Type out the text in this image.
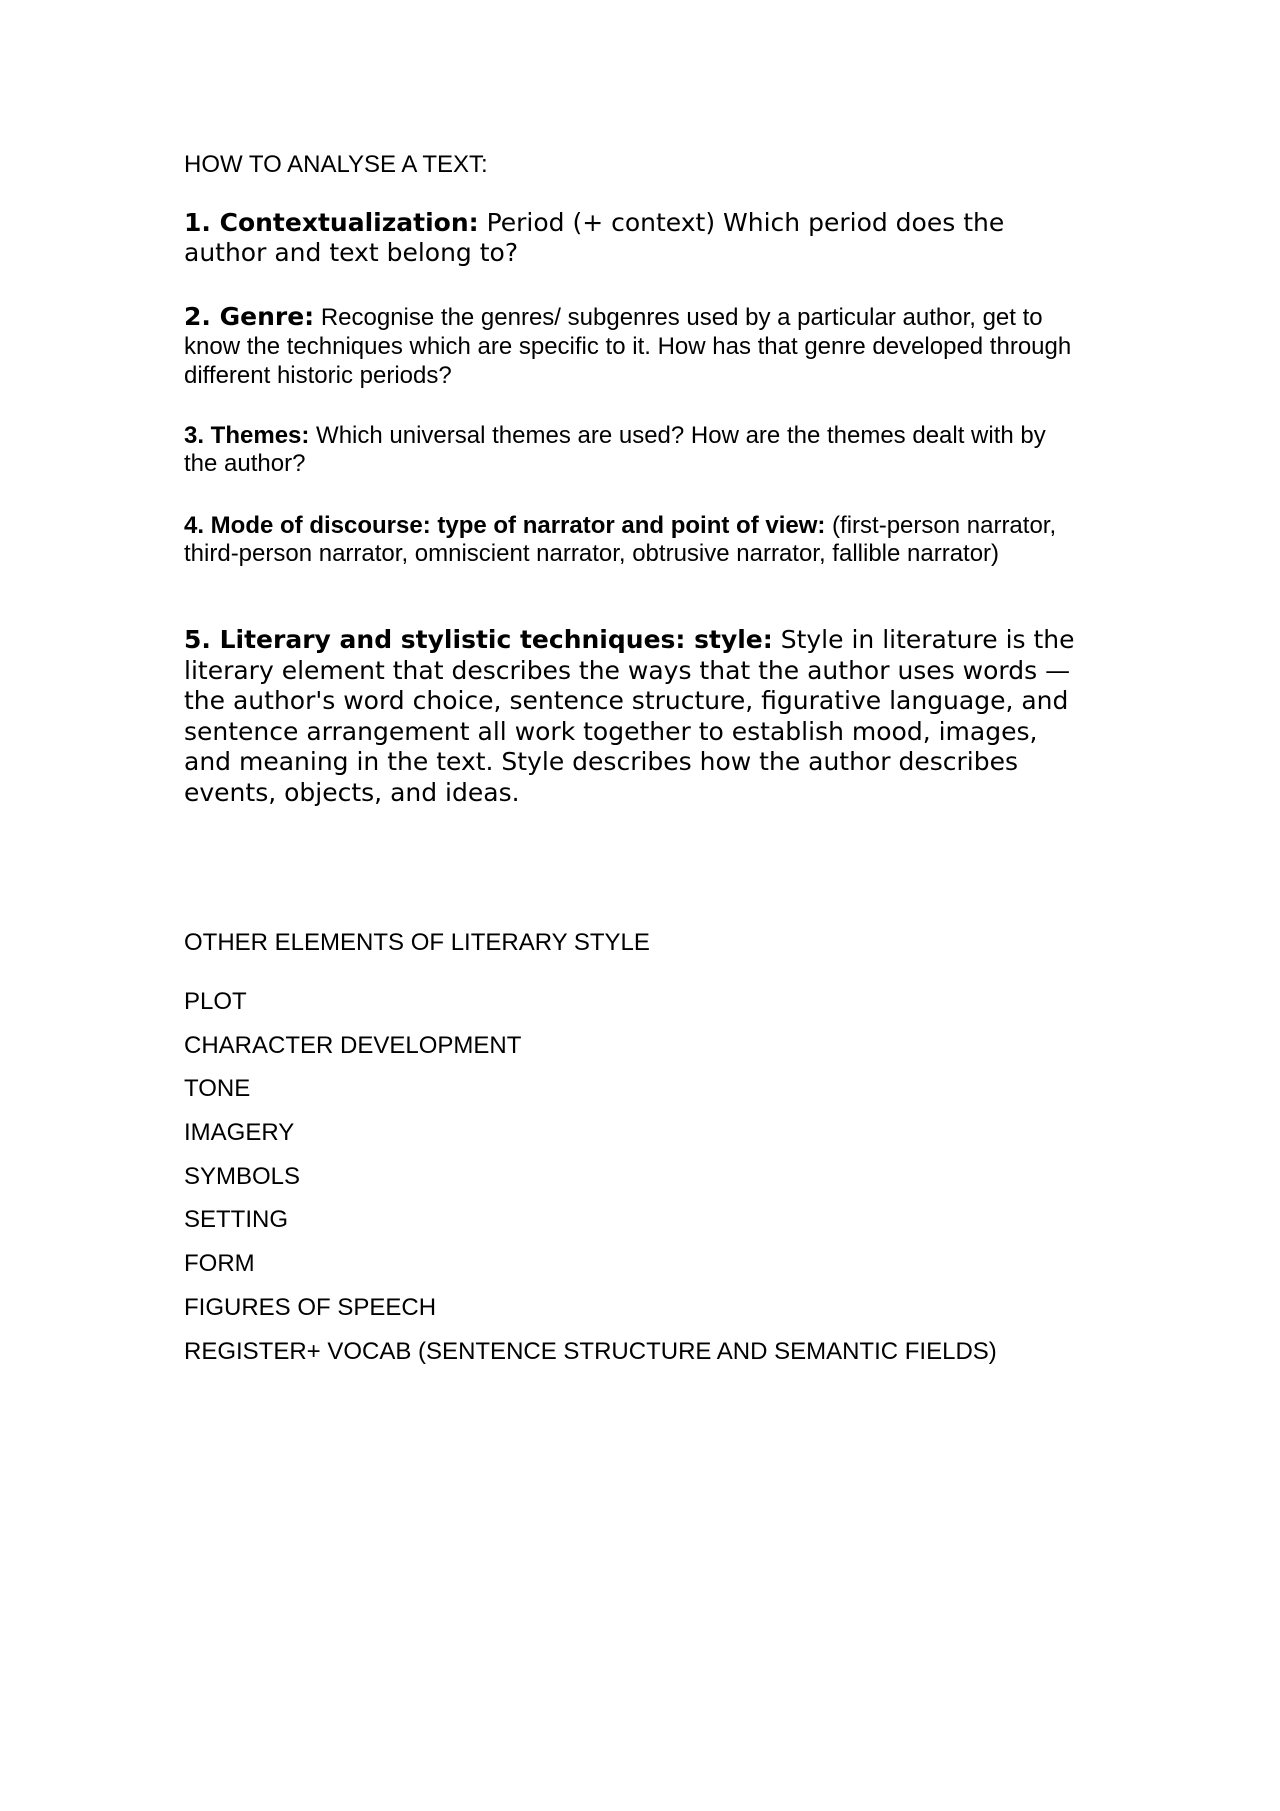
HOW TO ANALYSE A TEXT:

1. Contextualization: Period (+ context) Which period does the author and text belong to?

2. Genre: Recognise the genres/ subgenres used by a particular author, get to know the techniques which are specific to it. How has that genre developed through different historic periods?

3. Themes: Which universal themes are used? How are the themes dealt with by the author?

4. Mode of discourse: type of narrator and point of view: (first-person narrator, third-person narrator, omniscient narrator, obtrusive narrator, fallible narrator)

5. Literary and stylistic techniques: style: Style in literature is the literary element that describes the ways that the author uses words — the author's word choice, sentence structure, figurative language, and sentence arrangement all work together to establish mood, images, and meaning in the text. Style describes how the author describes events, objects, and ideas.

OTHER ELEMENTS OF LITERARY STYLE

PLOT
CHARACTER DEVELOPMENT
TONE
IMAGERY
SYMBOLS
SETTING
FORM
FIGURES OF SPEECH
REGISTER+ VOCAB (SENTENCE STRUCTURE AND SEMANTIC FIELDS)
